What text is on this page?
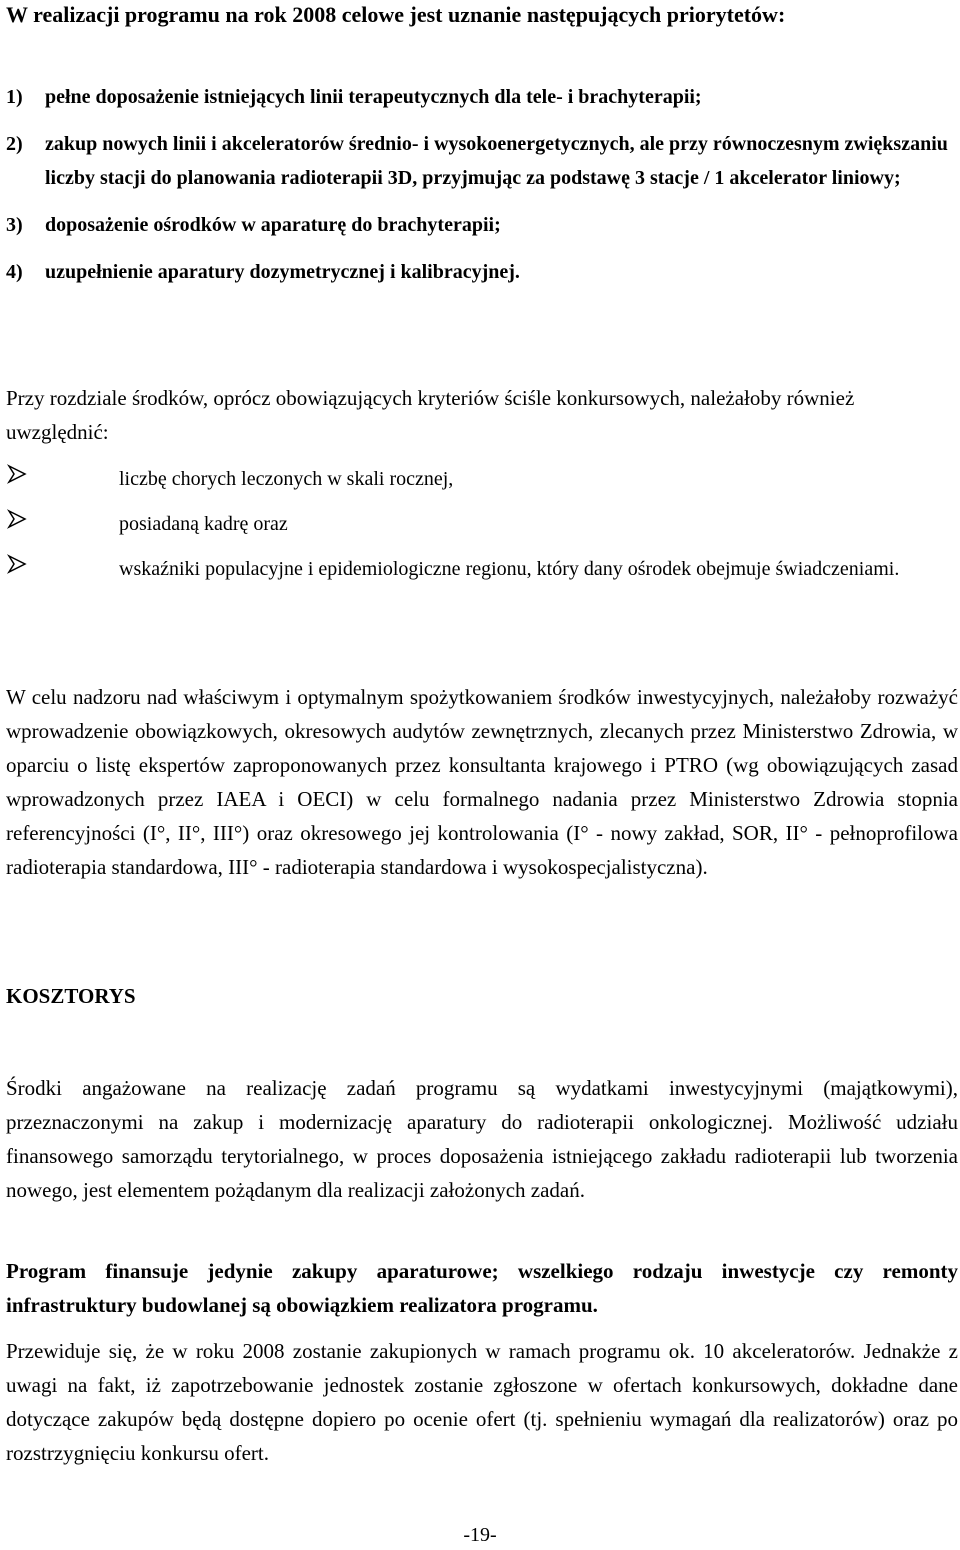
W realizacji programu na rok 2008 celowe jest uznanie następujących priorytetów:

1) pełne doposażenie istniejących linii terapeutycznych dla tele- i brachyterapii;
2) zakup nowych linii i akceleratorów średnio- i wysokoenergetycznych, ale przy równoczesnym zwiększaniu liczby stacji do planowania radioterapii 3D, przyjmując za podstawę 3 stacje / 1 akcelerator liniowy;
3) doposażenie ośrodków w aparaturę do brachyterapii;
4) uzupełnienie aparatury dozymetrycznej i kalibracyjnej.

Przy rozdziale środków, oprócz obowiązujących kryteriów ściśle konkursowych, należałoby również uwzględnić:

liczbę chorych leczonych w skali rocznej,
posiadaną kadrę oraz
wskaźniki populacyjne i epidemiologiczne regionu, który dany ośrodek obejmuje świadczeniami.

W celu nadzoru nad właściwym i optymalnym spożytkowaniem środków inwestycyjnych, należałoby rozważyć wprowadzenie obowiązkowych, okresowych audytów zewnętrznych, zlecanych przez Ministerstwo Zdrowia, w oparciu o listę ekspertów zaproponowanych przez konsultanta krajowego i PTRO (wg obowiązujących zasad wprowadzonych przez IAEA i OECI) w celu formalnego nadania przez Ministerstwo Zdrowia stopnia referencyjności (I°, II°, III°) oraz okresowego jej kontrolowania (I° - nowy zakład, SOR, II° - pełnoprofilowa radioterapia standardowa, III° - radioterapia standardowa i wysokospecjalistyczna).

KOSZTORYS

Środki angażowane na realizację zadań programu są wydatkami inwestycyjnymi (majątkowymi), przeznaczonymi na zakup i modernizację aparatury do radioterapii onkologicznej. Możliwość udziału finansowego samorządu terytorialnego, w proces doposażenia istniejącego zakładu radioterapii lub tworzenia nowego, jest elementem pożądanym dla realizacji założonych zadań.

Program finansuje jedynie zakupy aparaturowe; wszelkiego rodzaju inwestycje czy remonty infrastruktury budowlanej są obowiązkiem realizatora programu.

Przewiduje się, że w roku 2008 zostanie zakupionych w ramach programu ok. 10 akceleratorów. Jednakże z uwagi na fakt, iż zapotrzebowanie jednostek zostanie zgłoszone w ofertach konkursowych, dokładne dane dotyczące zakupów będą dostępne dopiero po ocenie ofert (tj. spełnieniu wymagań dla realizatorów) oraz po rozstrzygnięciu konkursu ofert.

-19-
